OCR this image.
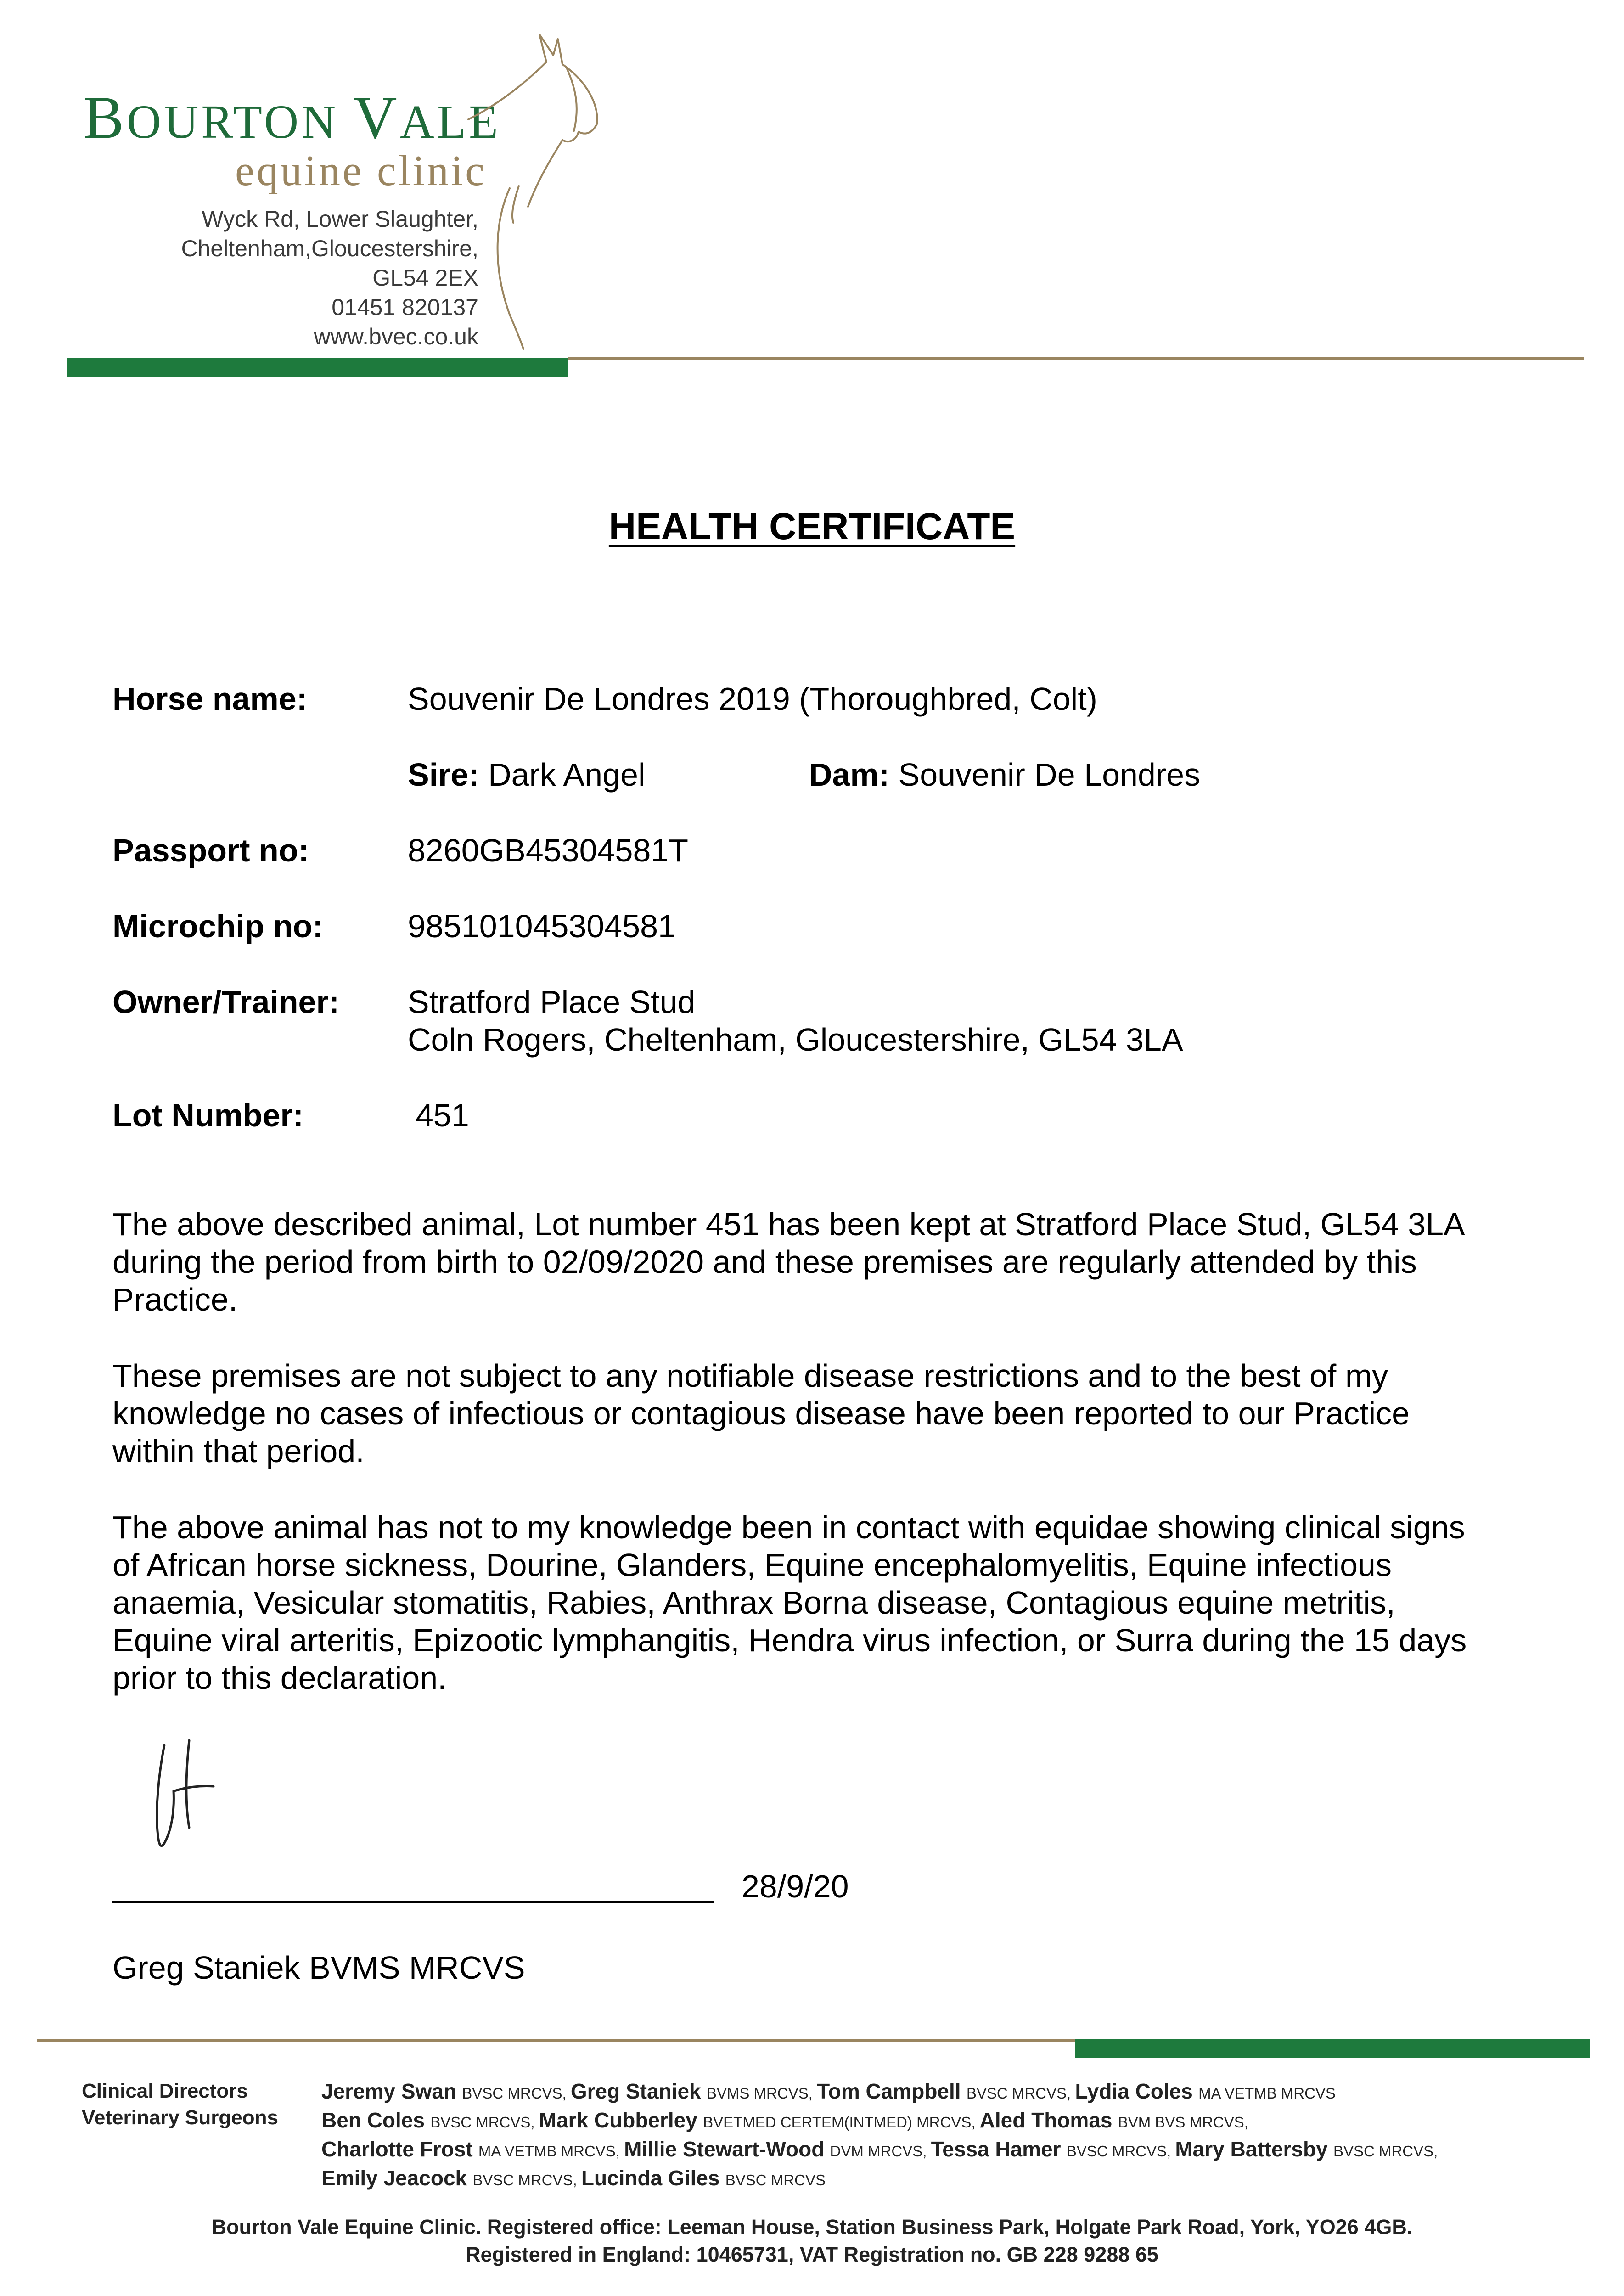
BOURTON VALE
equine clinic
Wyck Rd, Lower Slaughter,
Cheltenham,Gloucestershire,
GL54 2EX
01451 820137
www.bvec.co.uk
HEALTH CERTIFICATE
Horse name:	Souvenir De Londres 2019 (Thoroughbred, Colt)
Sire: Dark Angel	Dam: Souvenir De Londres
Passport no:	8260GB45304581T
Microchip no:	985101045304581
Owner/Trainer: Stratford Place Stud
Coln Rogers, Cheltenham, Gloucestershire, GL54 3LA
Lot Number:	451
The above described animal, Lot number 451 has been kept at Stratford Place Stud, GL54 3LA
during the period from birth to 02/09/2020 and these premises are regularly attended by this
Practice.
These premises are not subject to any notifiable disease restrictions and to the best of my
knowledge no cases of infectious or contagious disease have been reported to our Practice
within that period.
The above animal has not to my knowledge been in contact with equidae showing clinical signs
of African horse sickness, Dourine, Glanders, Equine encephalomyelitis, Equine infectious
anaemia, Vesicular stomatitis, Rabies, Anthrax Borna disease, Contagious equine metritis,
Equine viral arteritis, Epizootic lymphangitis, Hendra virus infection, or Surra during the 15 days
prior to this declaration.
28/9/20
Greg Staniek BVMS MRCVS
Clinical Directors
Veterinary Surgeons
Jeremy Swan BVSC MRCVS, Greg Staniek BVMS MRCVS, Tom Campbell BVSC MRCVS, Lydia Coles MA VETMB MRCVS
Ben Coles BVSC MRCVS, Mark Cubberley BVETMED CERTEM(INTMED) MRCVS, Aled Thomas BVM BVS MRCVS,
Charlotte Frost MA VETMB MRCVS, Millie Stewart-Wood DVM MRCVS, Tessa Hamer BVSC MRCVS, Mary Battersby BVSC MRCVS,
Emily Jeacock BVSC MRCVS, Lucinda Giles BVSC MRCVS
Bourton Vale Equine Clinic. Registered office: Leeman House, Station Business Park, Holgate Park Road, York, YO26 4GB.
Registered in England: 10465731, VAT Registration no. GB 228 9288 65
